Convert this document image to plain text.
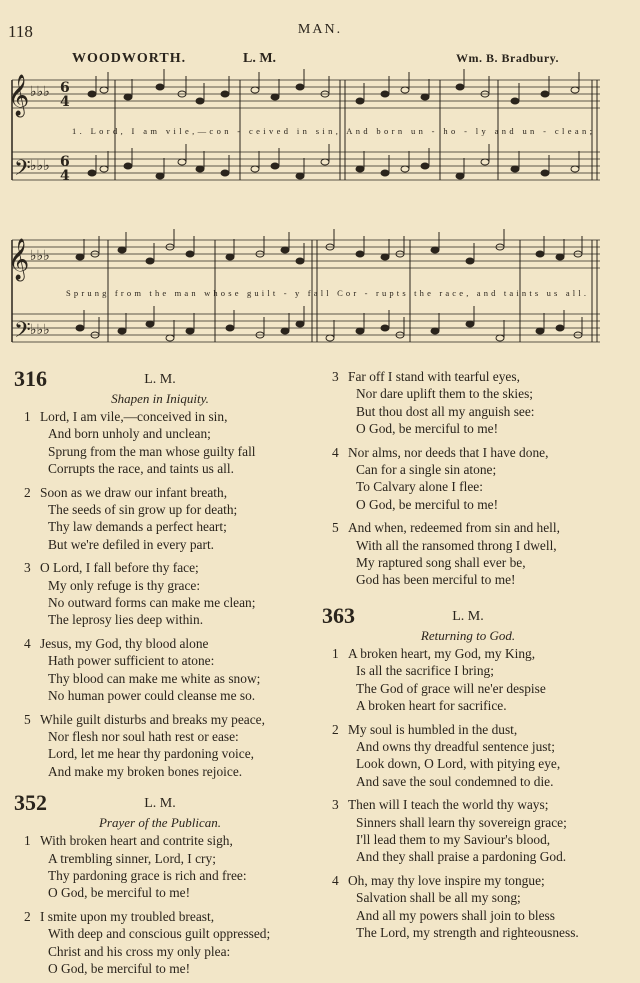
118	MAN.
WOODWORTH.	L. M.	Wm. B. Bradbury.
𝄞
𝄢
𝄞
𝄢
♭♭♭
♭♭♭
♭♭♭
♭♭♭
6
4
6
4
1. Lord, I am vile,—con - ceived in sin, And born un - ho - ly and un - clean;
Sprung from the man whose guilt - y fall Cor - rupts the race, and taints us all.
316	L. M.
Shapen in Iniquity.
1 Lord, I am vile,—conceived in sin,
And born unholy and unclean;
Sprung from the man whose guilty fall
Corrupts the race, and taints us all.
2 Soon as we draw our infant breath,
The seeds of sin grow up for death;
Thy law demands a perfect heart;
But we're defiled in every part.
3 O Lord, I fall before thy face;
My only refuge is thy grace:
No outward forms can make me clean;
The leprosy lies deep within.
4 Jesus, my God, thy blood alone
Hath power sufficient to atone:
Thy blood can make me white as snow;
No human power could cleanse me so.
5 While guilt disturbs and breaks my peace,
Nor flesh nor soul hath rest or ease:
Lord, let me hear thy pardoning voice,
And make my broken bones rejoice.
352	L. M.
Prayer of the Publican.
1 With broken heart and contrite sigh,
A trembling sinner, Lord, I cry;
Thy pardoning grace is rich and free:
O God, be merciful to me!
2 I smite upon my troubled breast,
With deep and conscious guilt oppressed;
Christ and his cross my only plea:
O God, be merciful to me!
3 Far off I stand with tearful eyes,
Nor dare uplift them to the skies;
But thou dost all my anguish see:
O God, be merciful to me!
4 Nor alms, nor deeds that I have done,
Can for a single sin atone;
To Calvary alone I flee:
O God, be merciful to me!
5 And when, redeemed from sin and hell,
With all the ransomed throng I dwell,
My raptured song shall ever be,
God has been merciful to me!
363	L. M.
Returning to God.
1 A broken heart, my God, my King,
Is all the sacrifice I bring;
The God of grace will ne'er despise
A broken heart for sacrifice.
2 My soul is humbled in the dust,
And owns thy dreadful sentence just;
Look down, O Lord, with pitying eye,
And save the soul condemned to die.
3 Then will I teach the world thy ways;
Sinners shall learn thy sovereign grace;
I'll lead them to my Saviour's blood,
And they shall praise a pardoning God.
4 Oh, may thy love inspire my tongue;
Salvation shall be all my song;
And all my powers shall join to bless
The Lord, my strength and righteousness.
